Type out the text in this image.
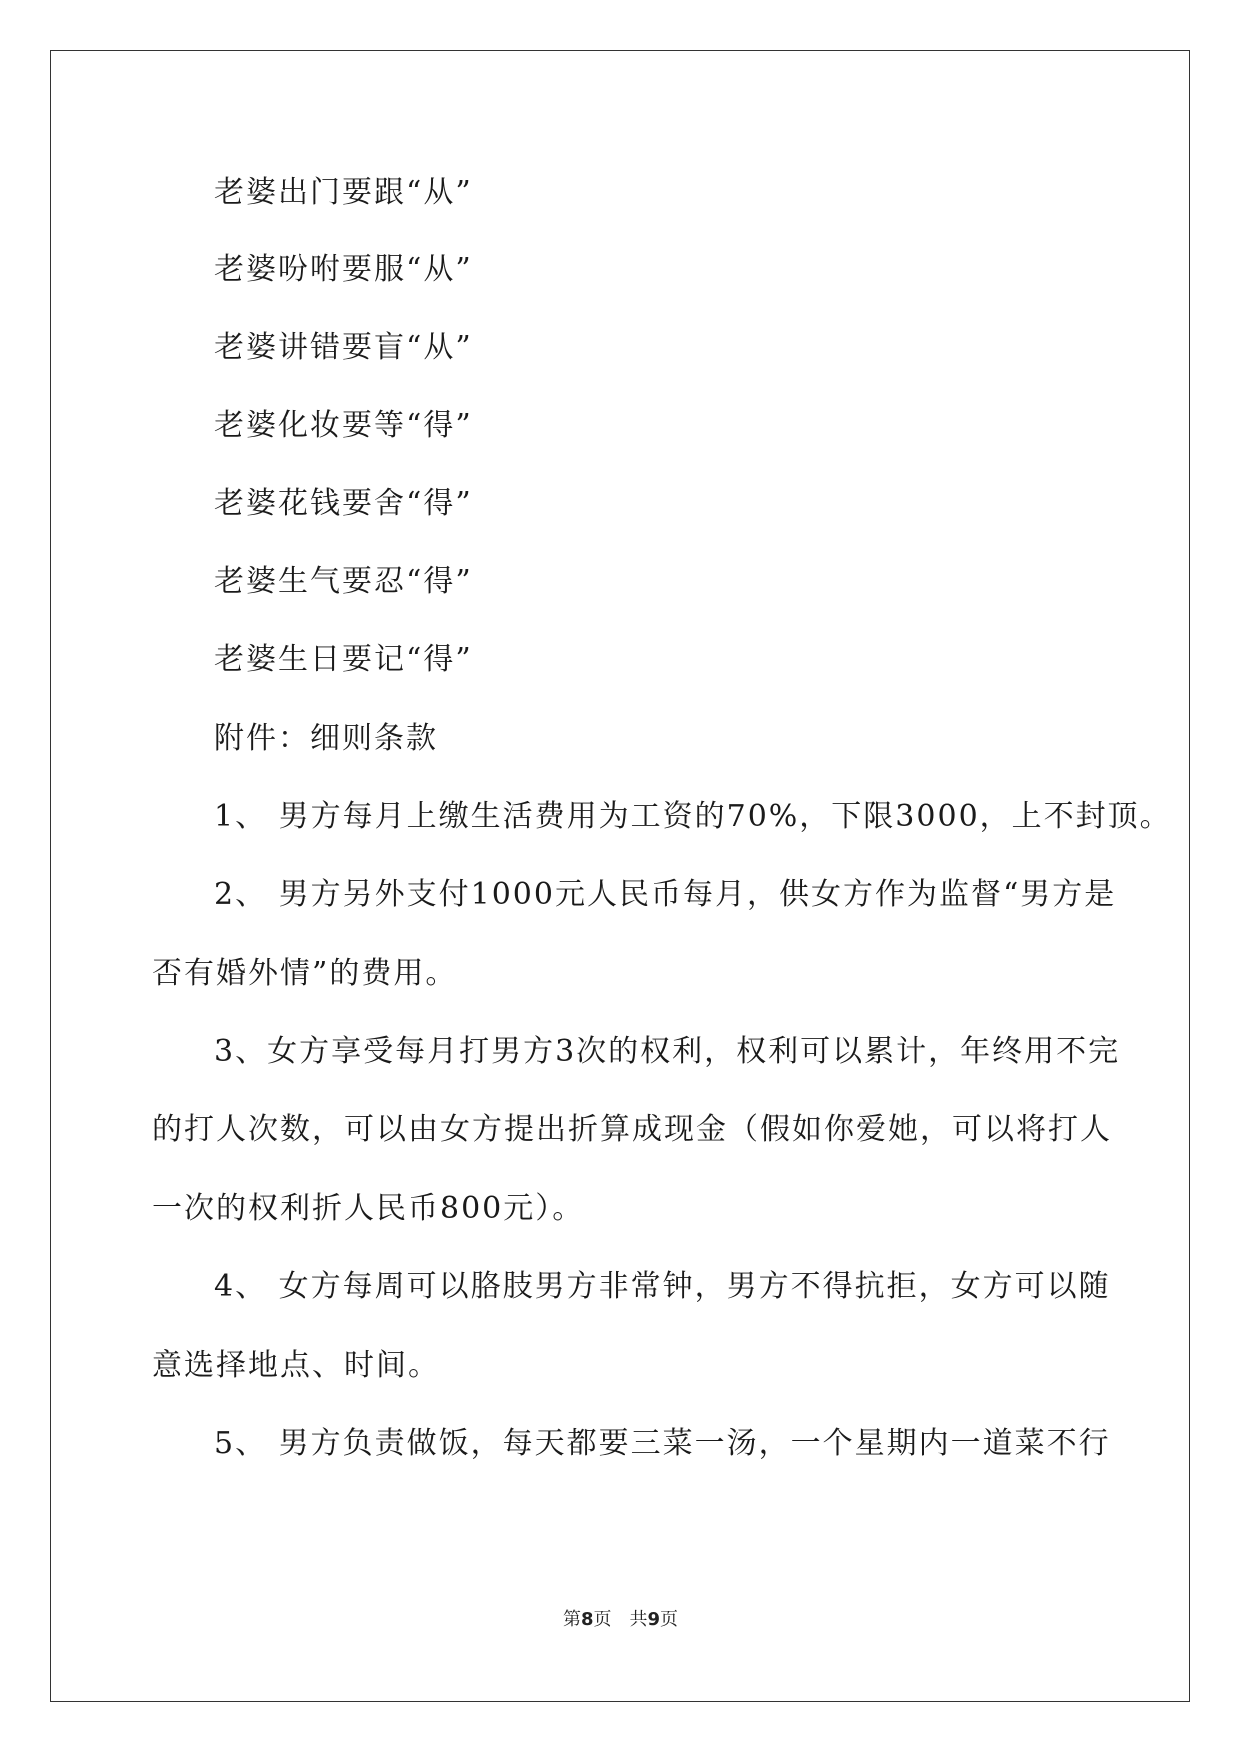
老婆出门要跟“从”
老婆吩咐要服“从”
老婆讲错要盲“从”
老婆化妆要等“得”
老婆花钱要舍“得”
老婆生气要忍“得”
老婆生日要记“得”
附件：细则条款
1、 男方每月上缴生活费用为工资的70%，下限3000，上不封顶。
2、 男方另外支付1000元人民币每月，供女方作为监督“男方是
否有婚外情”的费用。
3、女方享受每月打男方3次的权利，权利可以累计，年终用不完
的打人次数，可以由女方提出折算成现金（假如你爱她，可以将打人
一次的权利折人民币800元）。
4、 女方每周可以胳肢男方非常钟，男方不得抗拒，女方可以随
意选择地点、时间。
5、 男方负责做饭，每天都要三菜一汤，一个星期内一道菜不行
第8页　共9页
